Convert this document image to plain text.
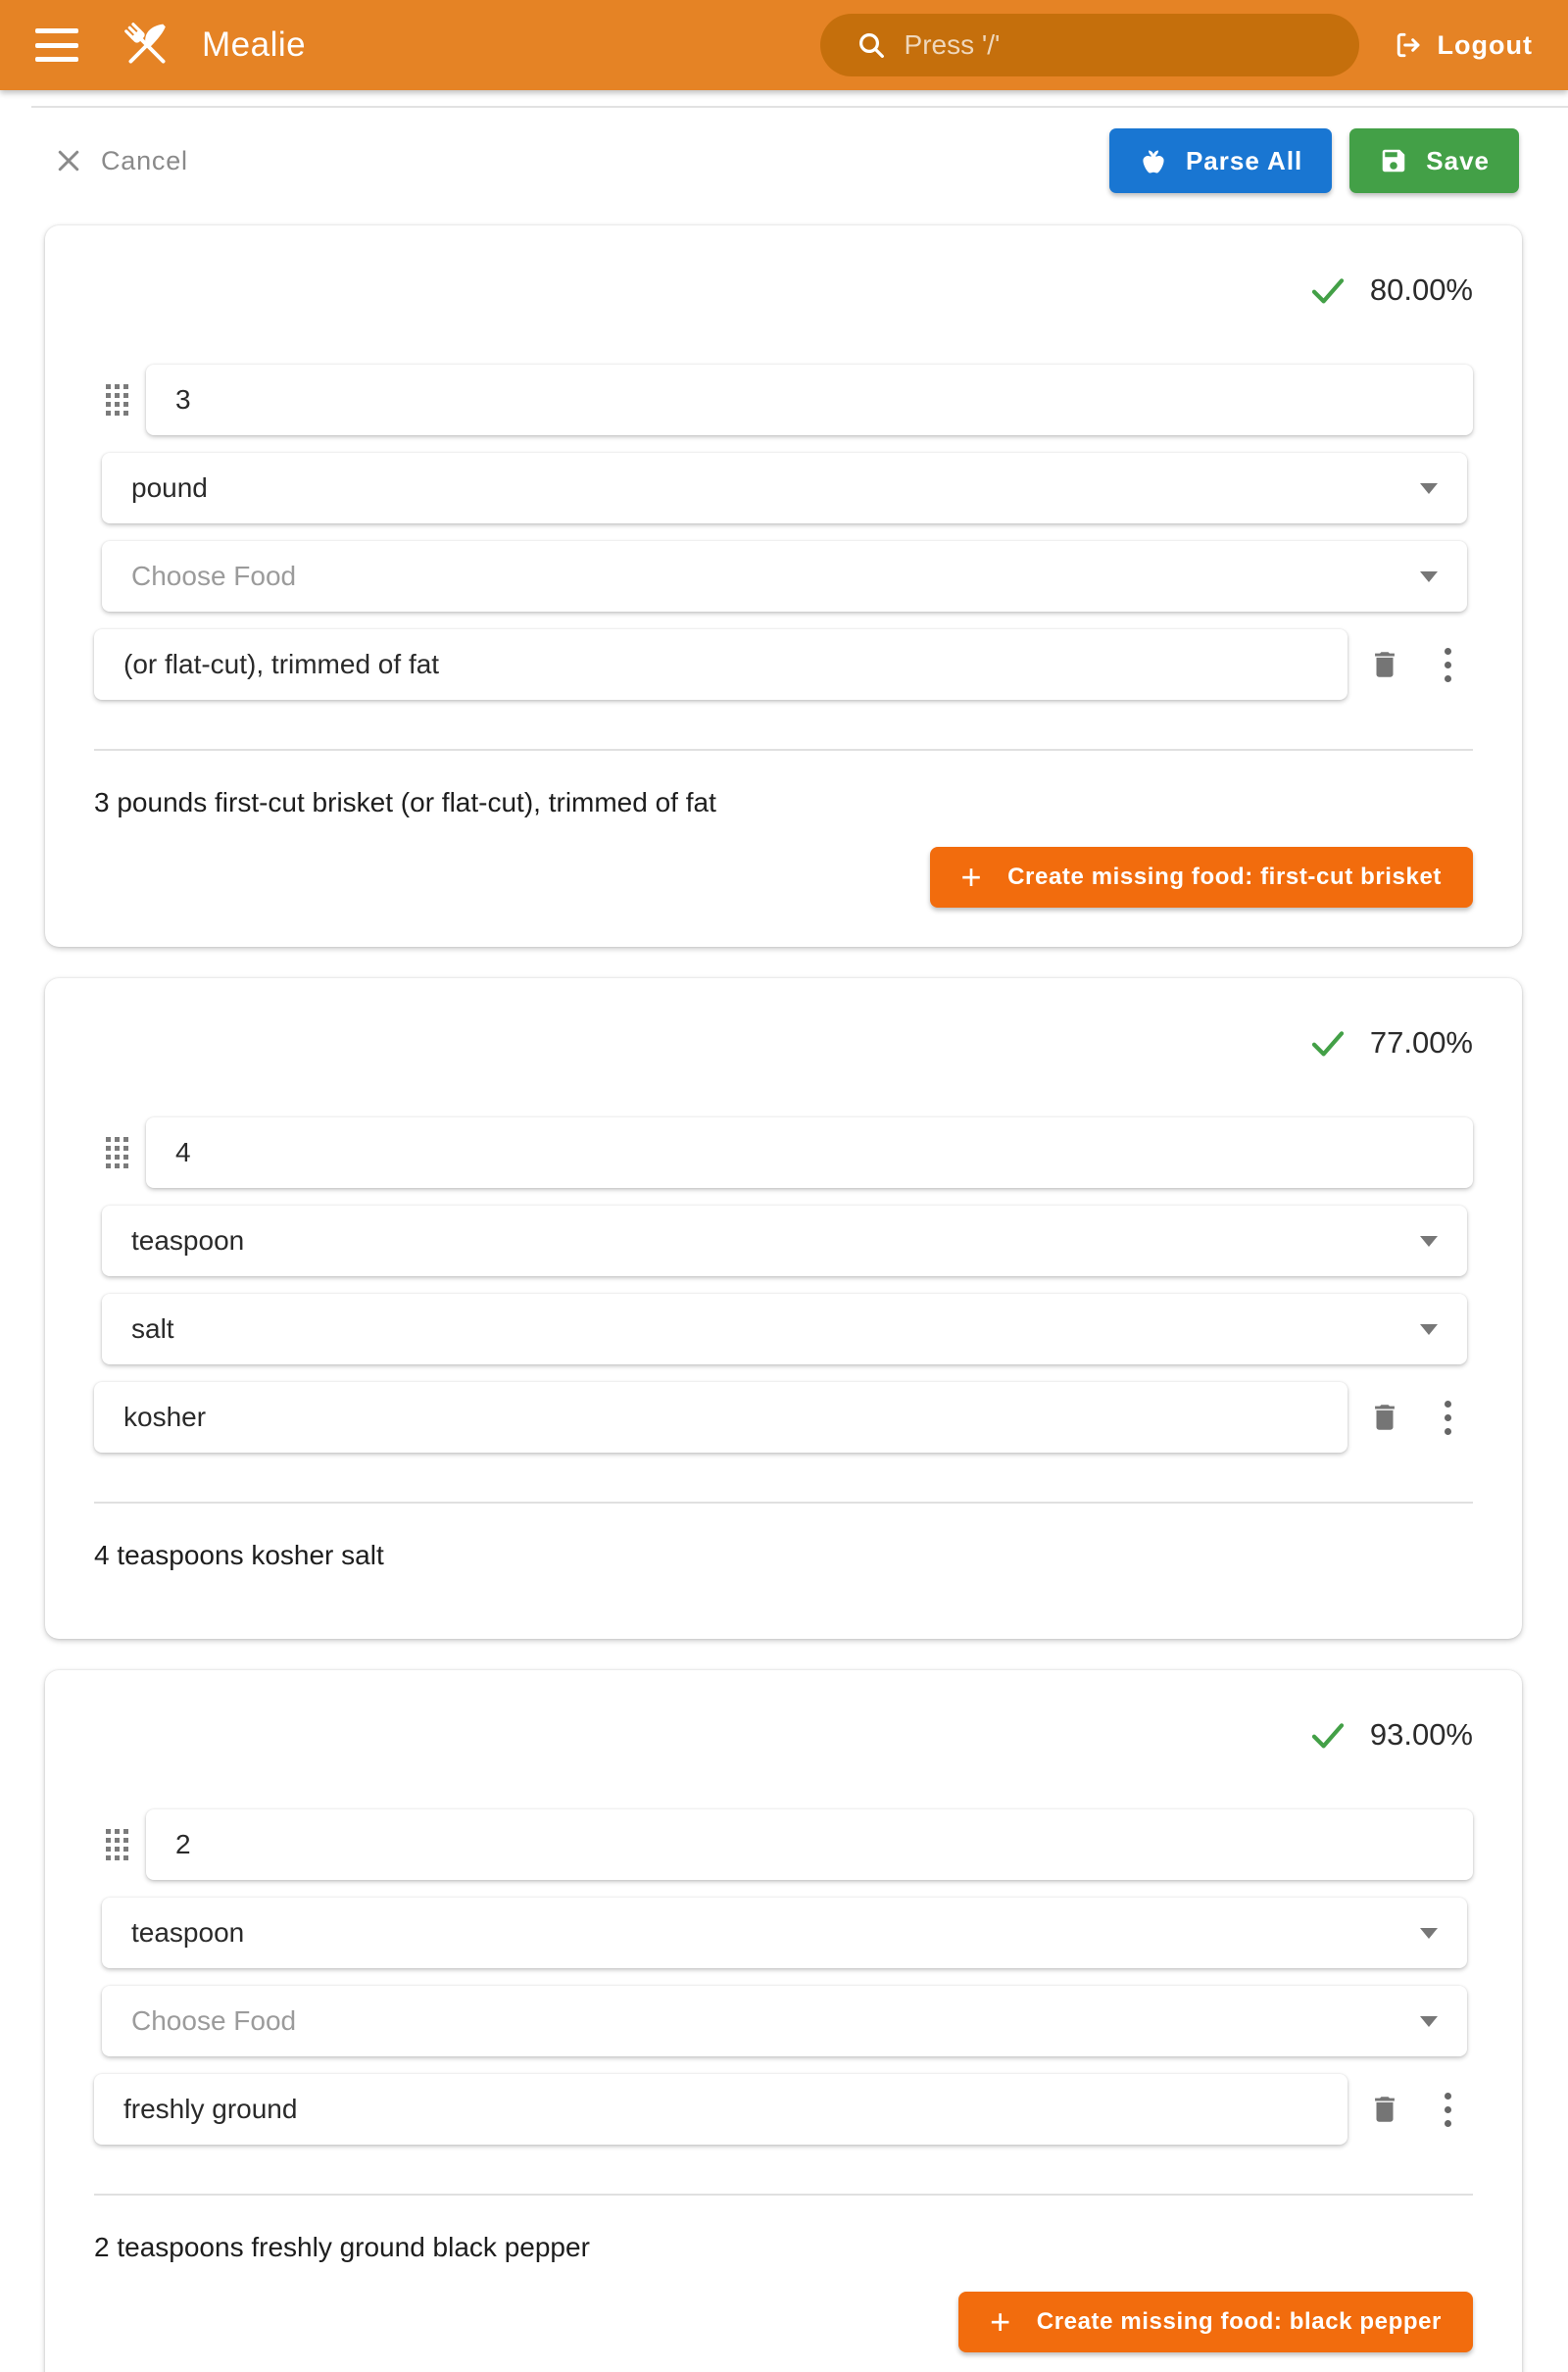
Mealie	Press '/'	Logout
Cancel	Parse All	Save
80.00%
3
pound
Choose Food
(or flat-cut), trimmed of fat
3 pounds first-cut brisket (or flat-cut), trimmed of fat
+ Create missing food: first-cut brisket
77.00%
4
teaspoon
salt
kosher
4 teaspoons kosher salt
93.00%
2
teaspoon
Choose Food
freshly ground
2 teaspoons freshly ground black pepper
+ Create missing food: black pepper
